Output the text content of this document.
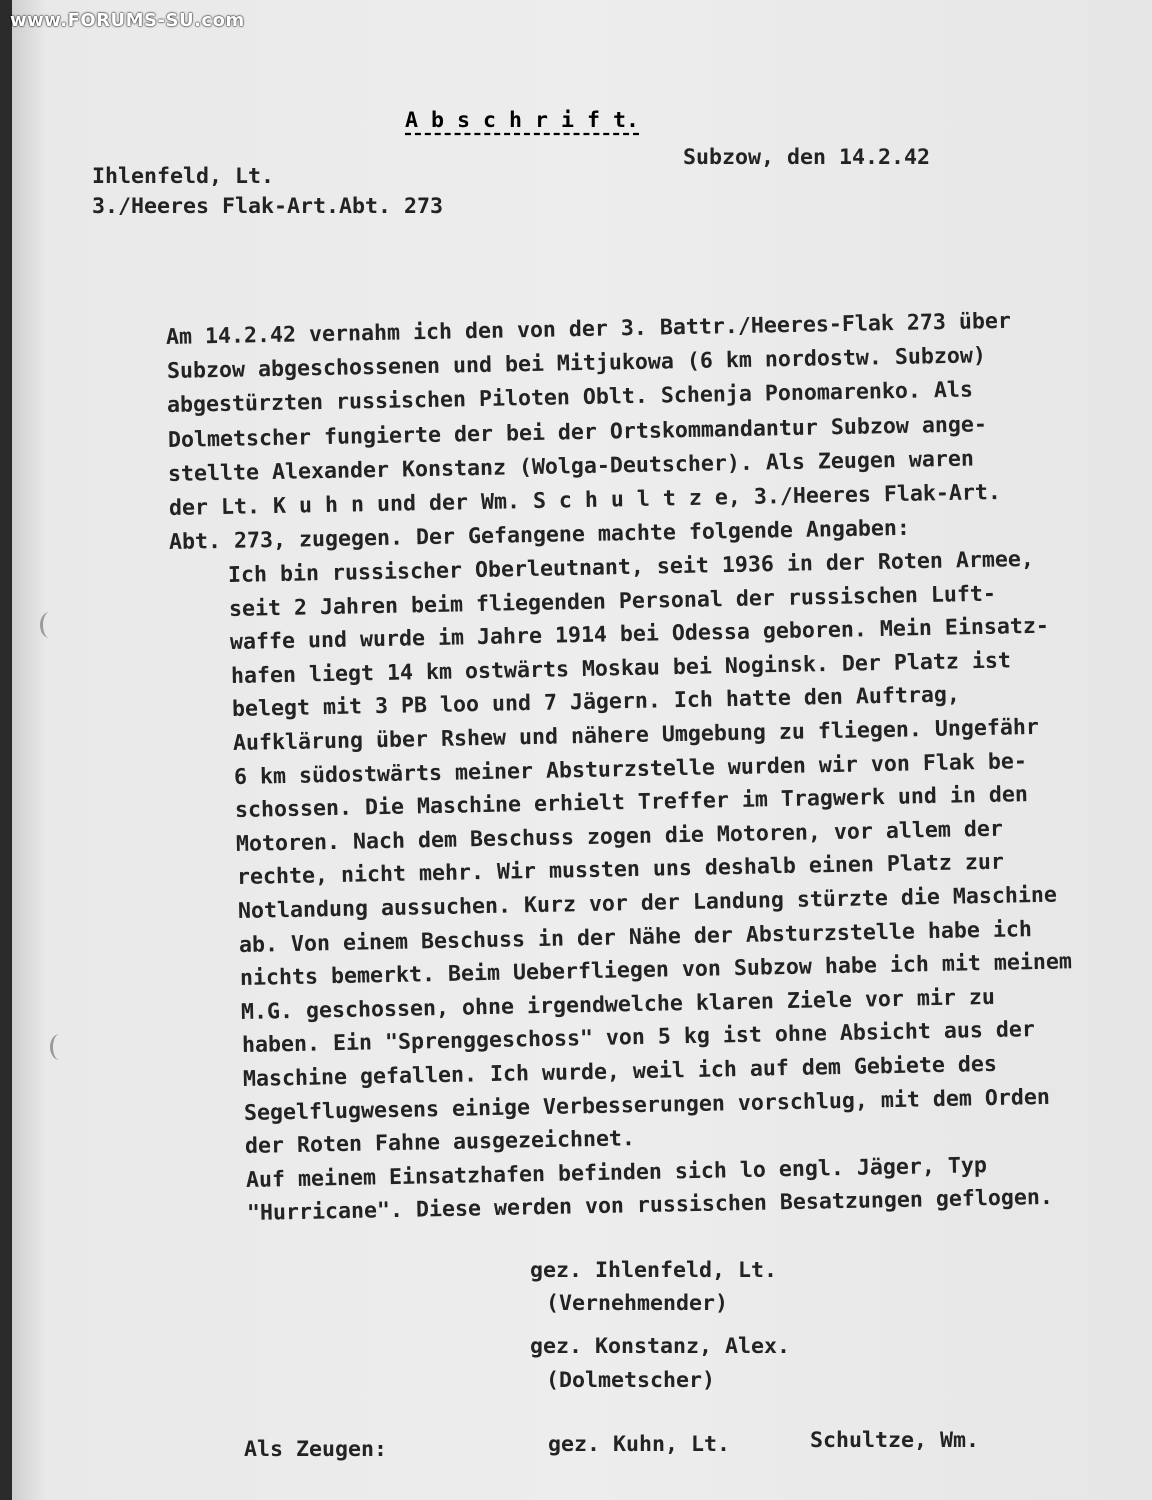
www.FORUMS-SU.com
A b s c h r i f t.
Subzow, den 14.2.42
Ihlenfeld, Lt.
3./Heeres Flak-Art.Abt. 273
Am 14.2.42 vernahm ich den von der 3. Battr./Heeres-Flak 273 über
Subzow abgeschossenen und bei Mitjukowa (6 km nordostw. Subzow)
abgestürzten russischen Piloten Oblt. Schenja Ponomarenko. Als
Dolmetscher fungierte der bei der Ortskommandantur Subzow ange-
stellte Alexander Konstanz (Wolga-Deutscher). Als Zeugen waren
der Lt. K u h n und der Wm. S c h u l t z e, 3./Heeres Flak-Art.
Abt. 273, zugegen. Der Gefangene machte folgende Angaben:
Ich bin russischer Oberleutnant, seit 1936 in der Roten Armee,
seit 2 Jahren beim fliegenden Personal der russischen Luft-
waffe und wurde im Jahre 1914 bei Odessa geboren. Mein Einsatz-
hafen liegt 14 km ostwärts Moskau bei Noginsk. Der Platz ist
belegt mit 3 PB loo und 7 Jägern. Ich hatte den Auftrag,
Aufklärung über Rshew und nähere Umgebung zu fliegen. Ungefähr
6 km südostwärts meiner Absturzstelle wurden wir von Flak be-
schossen. Die Maschine erhielt Treffer im Tragwerk und in den
Motoren. Nach dem Beschuss zogen die Motoren, vor allem der
rechte, nicht mehr. Wir mussten uns deshalb einen Platz zur
Notlandung aussuchen. Kurz vor der Landung stürzte die Maschine
ab. Von einem Beschuss in der Nähe der Absturzstelle habe ich
nichts bemerkt. Beim Ueberfliegen von Subzow habe ich mit meinem
M.G. geschossen, ohne irgendwelche klaren Ziele vor mir zu
haben. Ein "Sprenggeschoss" von 5 kg ist ohne Absicht aus der
Maschine gefallen. Ich wurde, weil ich auf dem Gebiete des
Segelflugwesens einige Verbesserungen vorschlug, mit dem Orden
der Roten Fahne ausgezeichnet.
Auf meinem Einsatzhafen befinden sich lo engl. Jäger, Typ
"Hurricane". Diese werden von russischen Besatzungen geflogen.
gez. Ihlenfeld, Lt.
(Vernehmender)
gez. Konstanz, Alex.
(Dolmetscher)
Als Zeugen:	gez. Kuhn, Lt.	Schultze, Wm.
